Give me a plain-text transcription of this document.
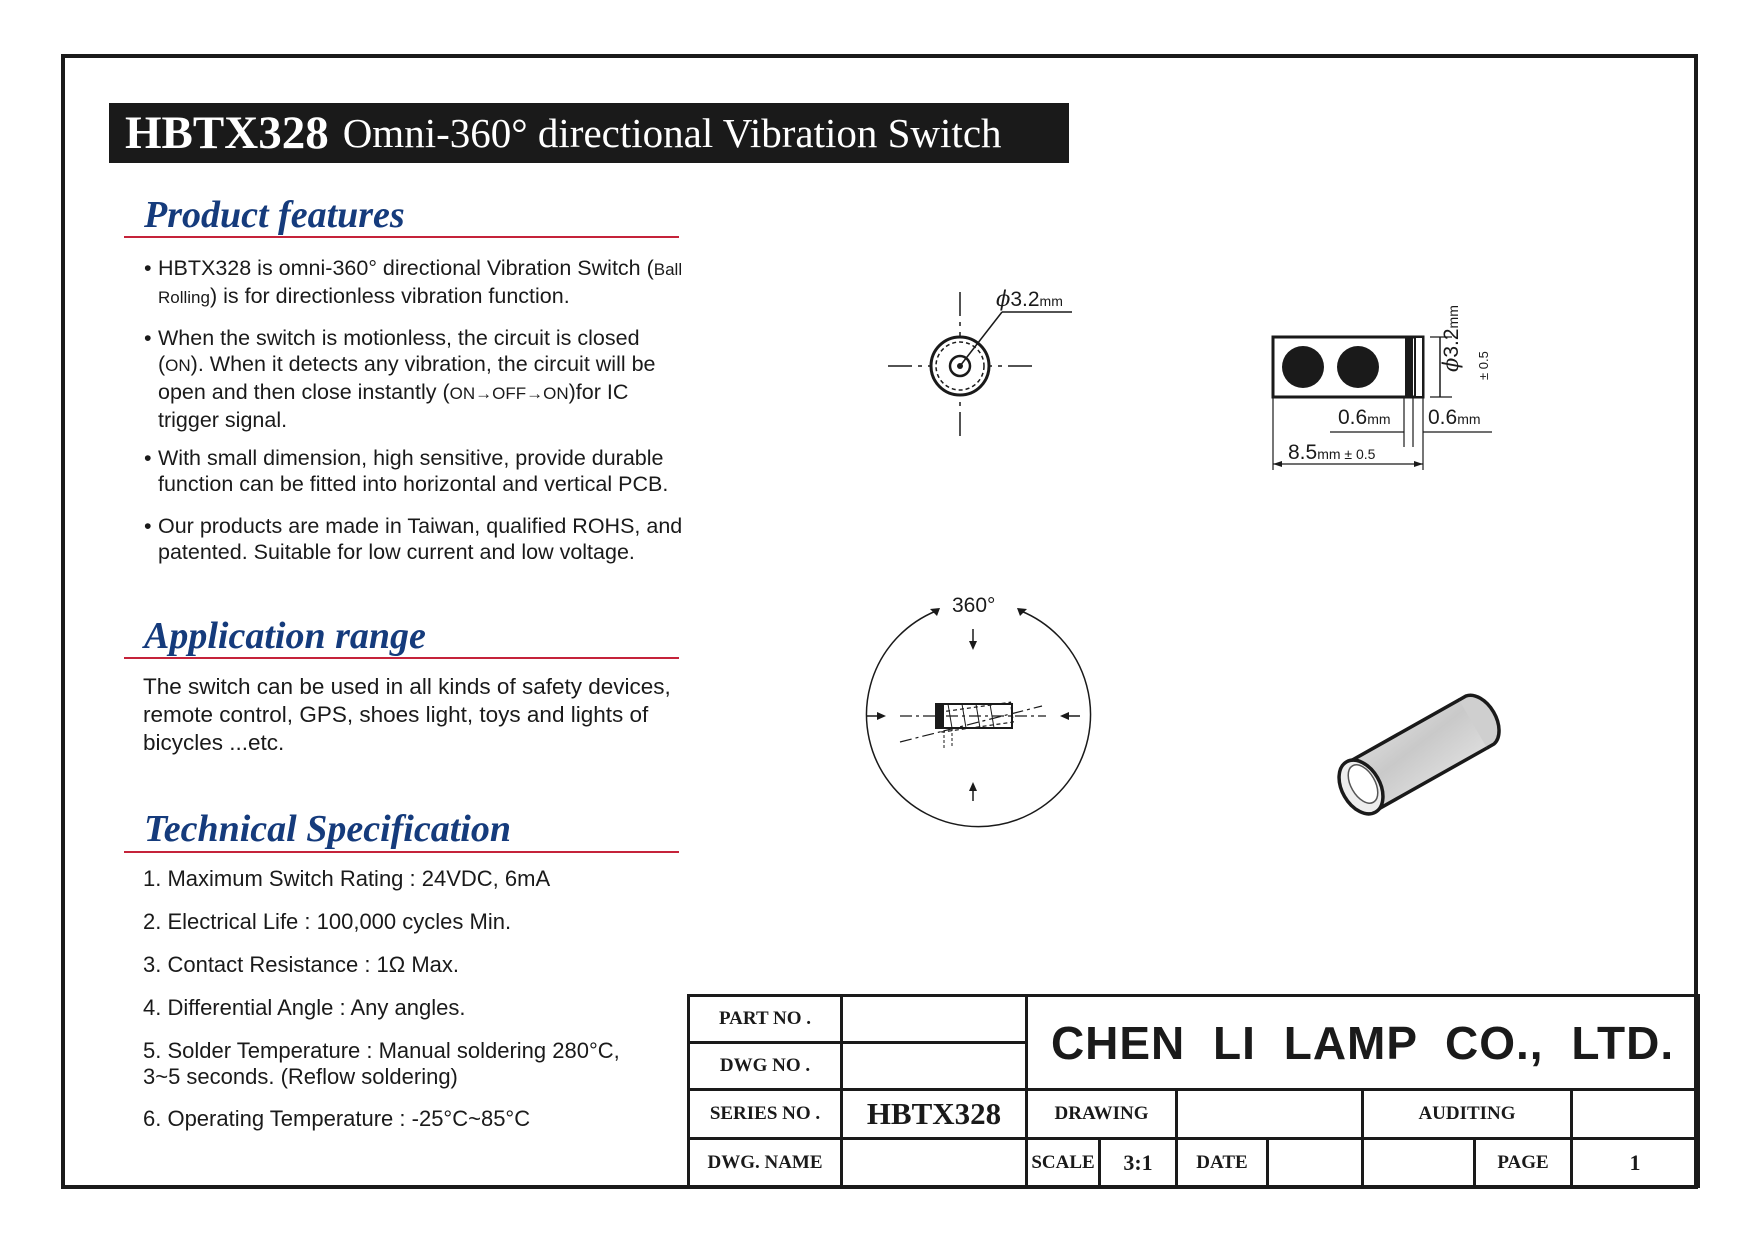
HBTX328 Omni-360° directional Vibration Switch
Product features
• HBTX328 is omni-360° directional Vibration Switch (Ball Rolling) is for directionless vibration function.
• When the switch is motionless, the circuit is closed (ON). When it detects any vibration, the circuit will be open and then close instantly (ON→OFF→ON)for IC trigger signal.
• With small dimension, high sensitive, provide durable function can be fitted into horizontal and vertical PCB.
• Our products are made in Taiwan, qualified ROHS, and patented. Suitable for low current and low voltage.
Application range
The switch can be used in all kinds of safety devices, remote control, GPS, shoes light, toys and lights of bicycles ...etc.
Technical Specification
1. Maximum Switch Rating : 24VDC, 6mA
2. Electrical Life : 100,000 cycles Min.
3. Contact Resistance : 1Ω Max.
4. Differential Angle : Any angles.
5. Solder Temperature : Manual soldering 280°C,
3~5 seconds. (Reflow soldering)
6. Operating Temperature : -25°C~85°C
ϕ3.2mm
ϕ3.2mm
± 0.5
0.6mm 0.6mm
8.5mm ± 0.5
360°
PART NO .		CHEN LI LAMP CO., LTD.				
DWG NO .						
SERIES NO .	HBTX328	DRAWING		AUDITING		
DWG. NAME		SCALE 3:1	DATE		PAGE	1
